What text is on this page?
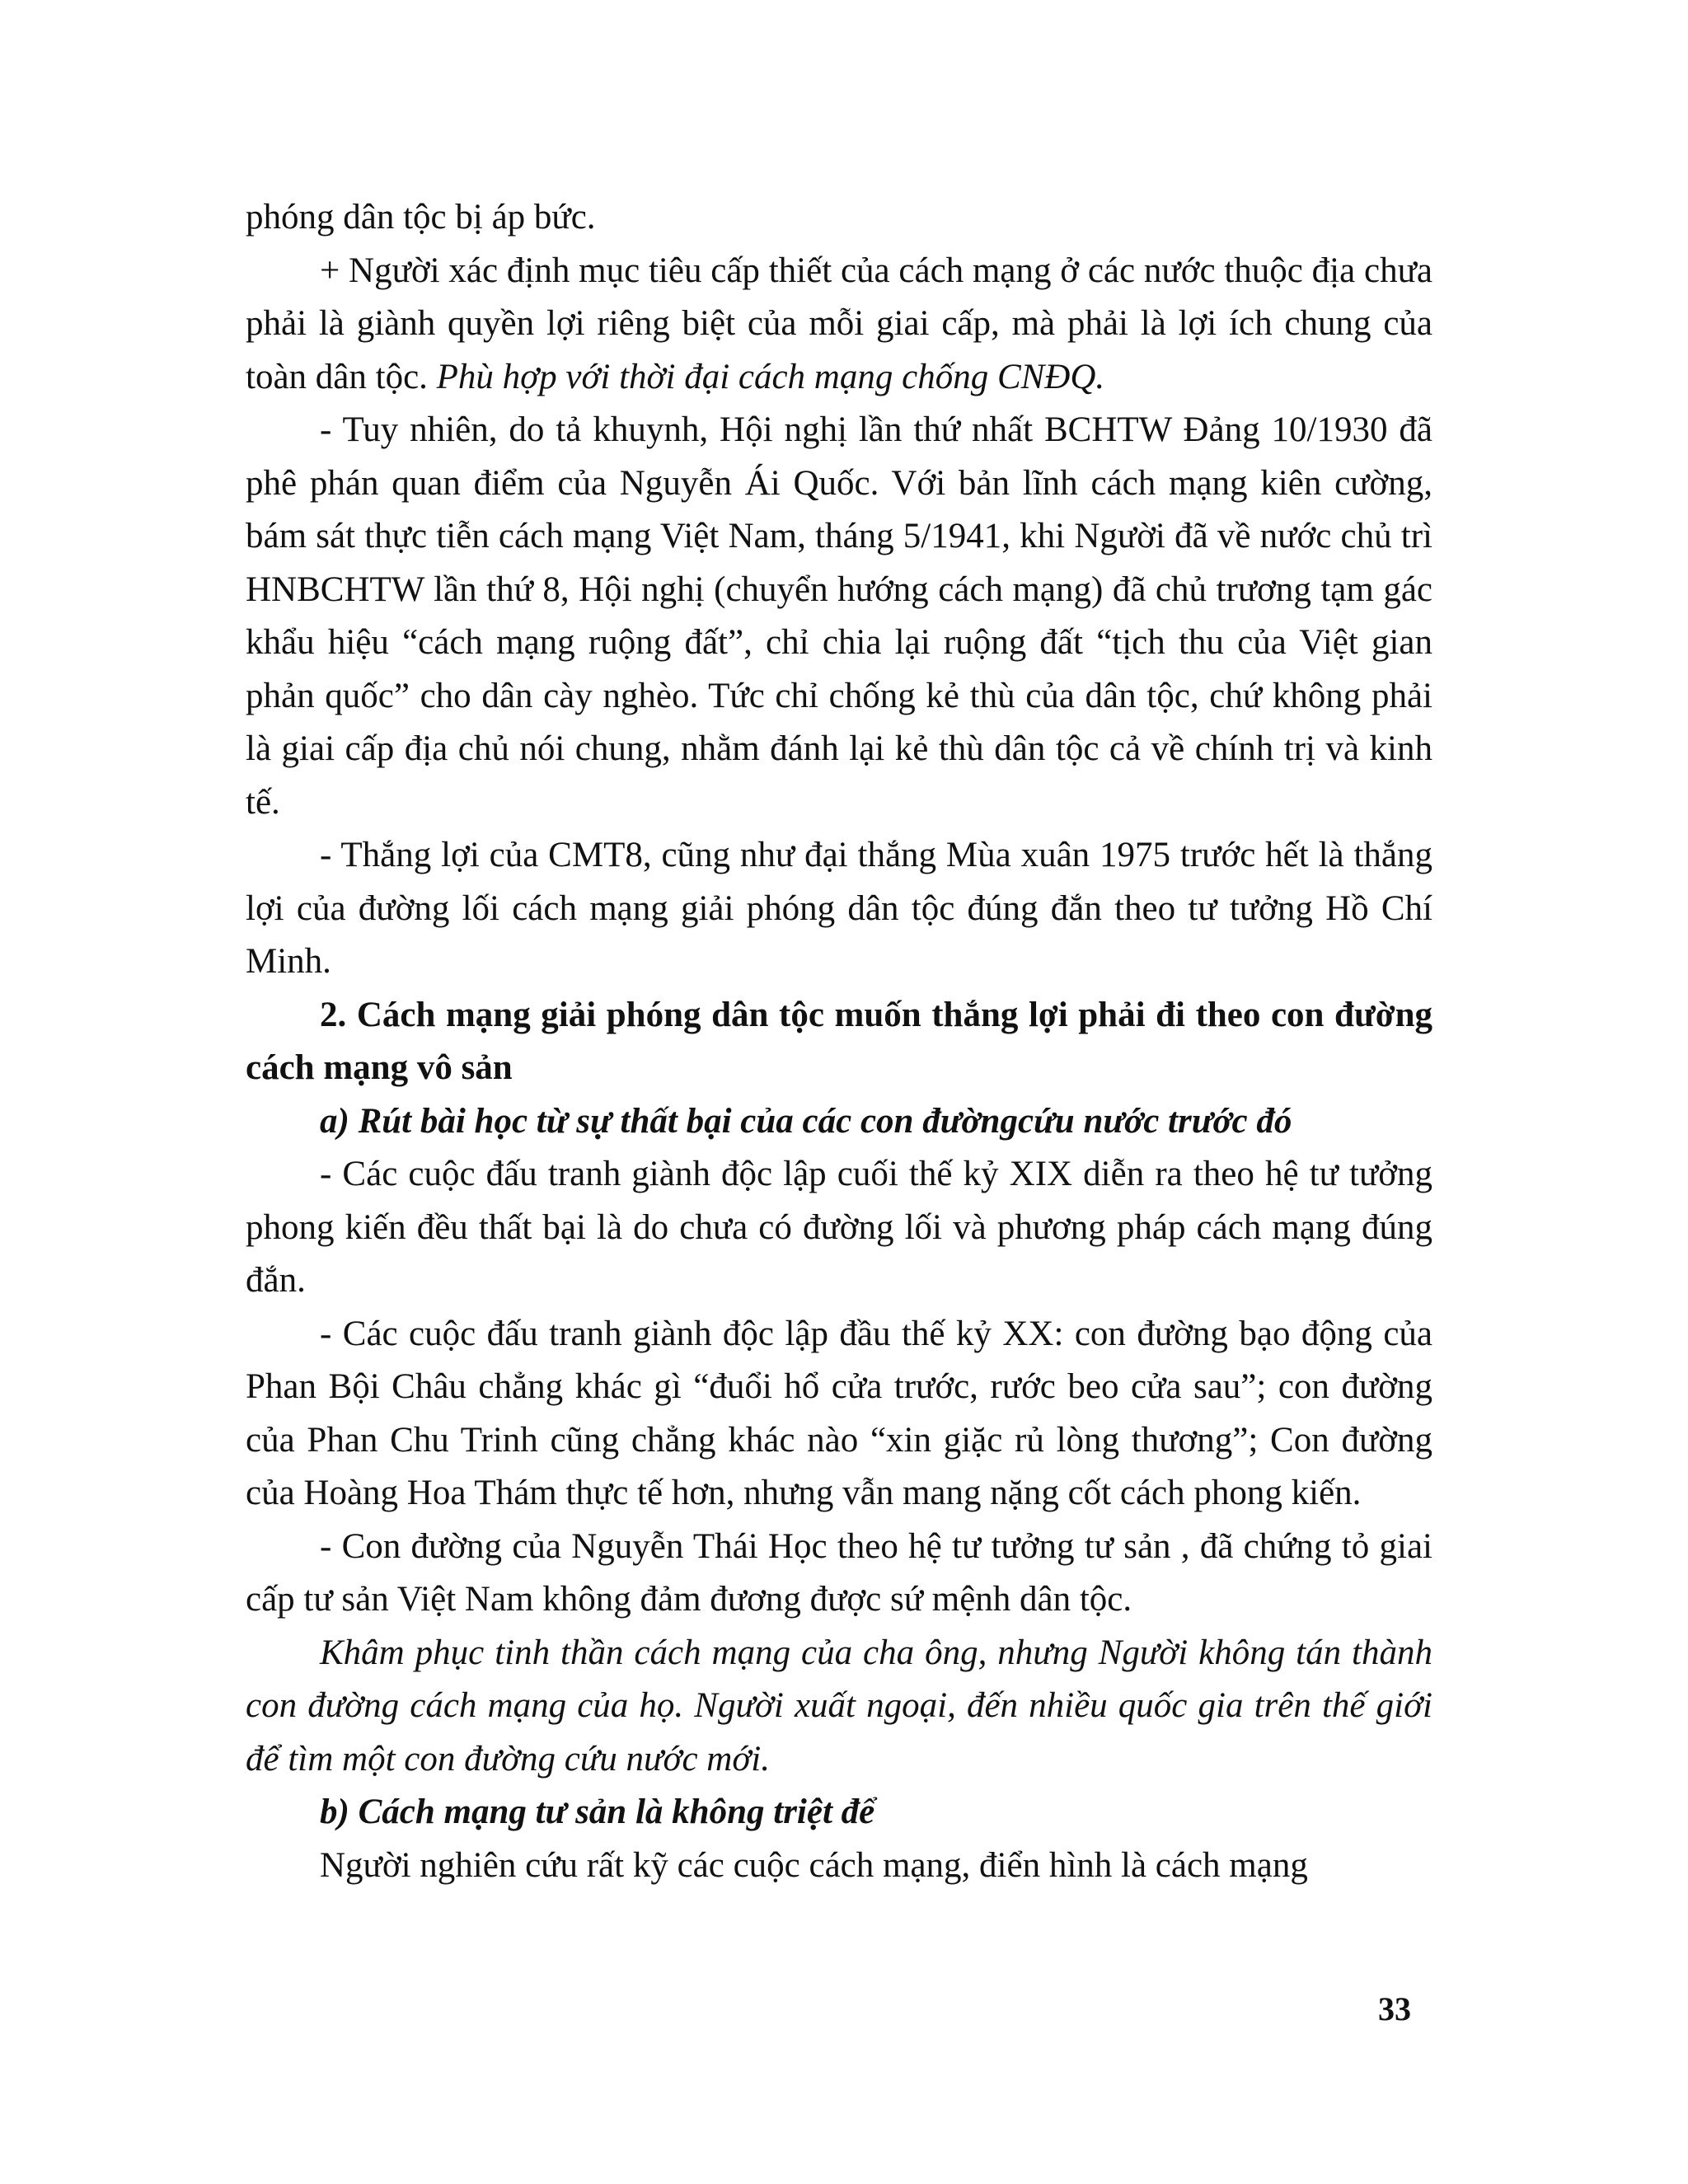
phóng dân tộc bị áp bức.

+ Người xác định mục tiêu cấp thiết của cách mạng ở các nước thuộc địa chưa phải là giành quyền lợi riêng biệt của mỗi giai cấp, mà phải là lợi ích chung của toàn dân tộc. Phù hợp với thời đại cách mạng chống CNĐQ.

- Tuy nhiên, do tả khuynh, Hội nghị lần thứ nhất BCHTW Đảng 10/1930 đã phê phán quan điểm của Nguyễn Ái Quốc. Với bản lĩnh cách mạng kiên cường, bám sát thực tiễn cách mạng Việt Nam, tháng 5/1941, khi Người đã về nước chủ trì HNBCHTW lần thứ 8, Hội nghị (chuyển hướng cách mạng) đã chủ trương tạm gác khẩu hiệu “cách mạng ruộng đất”, chỉ chia lại ruộng đất “tịch thu của Việt gian phản quốc” cho dân cày nghèo. Tức chỉ chống kẻ thù của dân tộc, chứ không phải là giai cấp địa chủ nói chung, nhằm đánh lại kẻ thù dân tộc cả về chính trị và kinh tế.

- Thắng lợi của CMT8, cũng như đại thắng Mùa xuân 1975 trước hết là thắng lợi của đường lối cách mạng giải phóng dân tộc đúng đắn theo tư tưởng Hồ Chí Minh.

2. Cách mạng giải phóng dân tộc muốn thắng lợi phải đi theo con đường cách mạng vô sản

a) Rút bài học từ sự thất bại của các con đườngcứu nước trước đó

- Các cuộc đấu tranh giành độc lập cuối thế kỷ XIX diễn ra theo hệ tư tưởng phong kiến đều thất bại là do chưa có đường lối và phương pháp cách mạng đúng đắn.

- Các cuộc đấu tranh giành độc lập đầu thế kỷ XX: con đường bạo động của Phan Bội Châu chẳng khác gì “đuổi hổ cửa trước, rước beo cửa sau”; con đường của Phan Chu Trinh cũng chẳng khác nào “xin giặc rủ lòng thương”; Con đường của Hoàng Hoa Thám thực tế hơn, nhưng vẫn mang nặng cốt cách phong kiến.

- Con đường của Nguyễn Thái Học theo hệ tư tưởng tư sản , đã chứng tỏ giai cấp tư sản Việt Nam không đảm đương được sứ mệnh dân tộc.

Khâm phục tinh thần cách mạng của cha ông, nhưng Người không tán thành con đường cách mạng của họ. Người xuất ngoại, đến nhiều quốc gia trên thế giới để tìm một con đường cứu nước mới.

b) Cách mạng tư sản là không triệt để

Người nghiên cứu rất kỹ các cuộc cách mạng, điển hình là cách mạng

33
